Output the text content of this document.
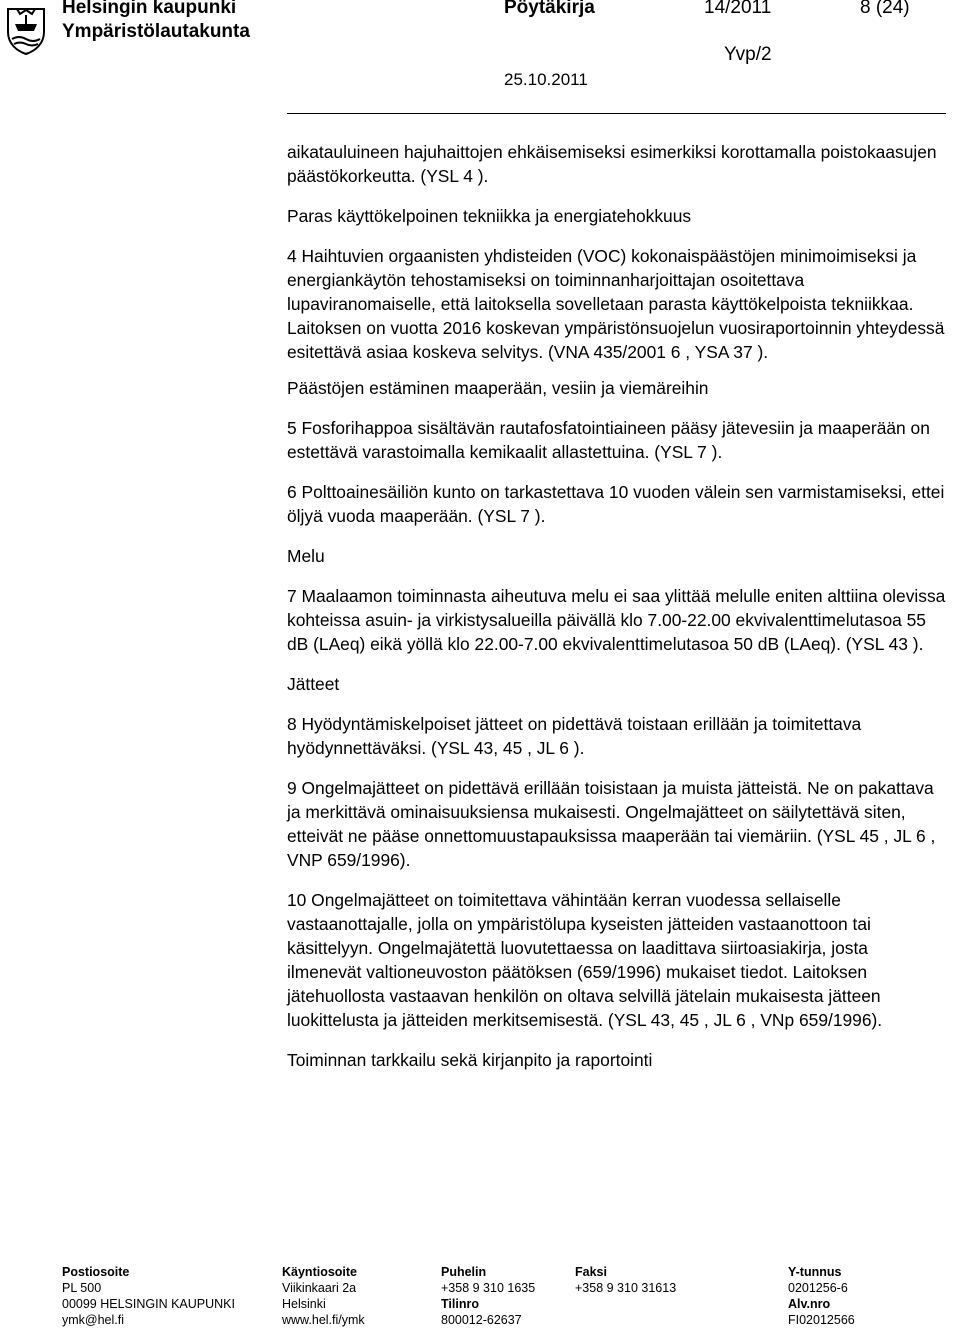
Helsingin kaupunki
Ympäristölautakunta
Pöytäkirja	14/2011	8 (24)
Yvp/2
25.10.2011

aikatauluineen hajuhaittojen ehkäisemiseksi esimerkiksi korottamalla poistokaasujen päästökorkeutta. (YSL 4 ).

Paras käyttökelpoinen tekniikka ja energiatehokkuus

4 Haihtuvien orgaanisten yhdisteiden (VOC) kokonaispäästöjen minimoimiseksi ja energiankäytön tehostamiseksi on toiminnanharjoittajan osoitettava lupaviranomaiselle, että laitoksella sovelletaan parasta käyttökelpoista tekniikkaa. Laitoksen on vuotta 2016 koskevan ympäristönsuojelun vuosiraportoinnin yhteydessä esitettävä asiaa koskeva selvitys. (VNA 435/2001 6 , YSA 37 ).

Päästöjen estäminen maaperään, vesiin ja viemäreihin

5 Fosforihappoa sisältävän rautafosfatointiaineen pääsy jätevesiin ja maaperään on estettävä varastoimalla kemikaalit allastettuina. (YSL 7 ).

6 Polttoainesäiliön kunto on tarkastettava 10 vuoden välein sen varmistamiseksi, ettei öljyä vuoda maaperään. (YSL 7 ).

Melu

7 Maalaamon toiminnasta aiheutuva melu ei saa ylittää melulle eniten alttiina olevissa kohteissa asuin- ja virkistysalueilla päivällä klo 7.00-22.00 ekvivalenttimelutasoa 55 dB (LAeq) eikä yöllä klo 22.00-7.00 ekvivalenttimelutasoa 50 dB (LAeq). (YSL 43 ).

Jätteet

8 Hyödyntämiskelpoiset jätteet on pidettävä toistaan erillään ja toimitettava hyödynnettäväksi. (YSL 43, 45 , JL 6 ).

9 Ongelmajätteet on pidettävä erillään toisistaan ja muista jätteistä. Ne on pakattava ja merkittävä ominaisuuksiensa mukaisesti. Ongelmajätteet on säilytettävä siten, etteivät ne pääse onnettomuustapauksissa maaperään tai viemäriin. (YSL 45 , JL 6 , VNP 659/1996).

10 Ongelmajätteet on toimitettava vähintään kerran vuodessa sellaiselle vastaanottajalle, jolla on ympäristölupa kyseisten jätteiden vastaanottoon tai käsittelyyn. Ongelmajätettä luovutettaessa on laadittava siirtoasiakirja, josta ilmenevät valtioneuvoston päätöksen (659/1996) mukaiset tiedot. Laitoksen jätehuollosta vastaavan henkilön on oltava selvillä jätelain mukaisesta jätteen luokittelusta ja jätteiden merkitsemisestä. (YSL 43, 45 , JL 6 , VNp 659/1996).

Toiminnan tarkkailu sekä kirjanpito ja raportointi
Postiosoite
PL 500
00099 HELSINGIN KAUPUNKI
ymk@hel.fi
Käyntiosoite
Viikinkaari 2a
Helsinki
www.hel.fi/ymk
Puhelin
+358 9 310 1635
Tilinro
800012-62637
Faksi
+358 9 310 31613
Y-tunnus
0201256-6
Alv.nro
FI02012566
